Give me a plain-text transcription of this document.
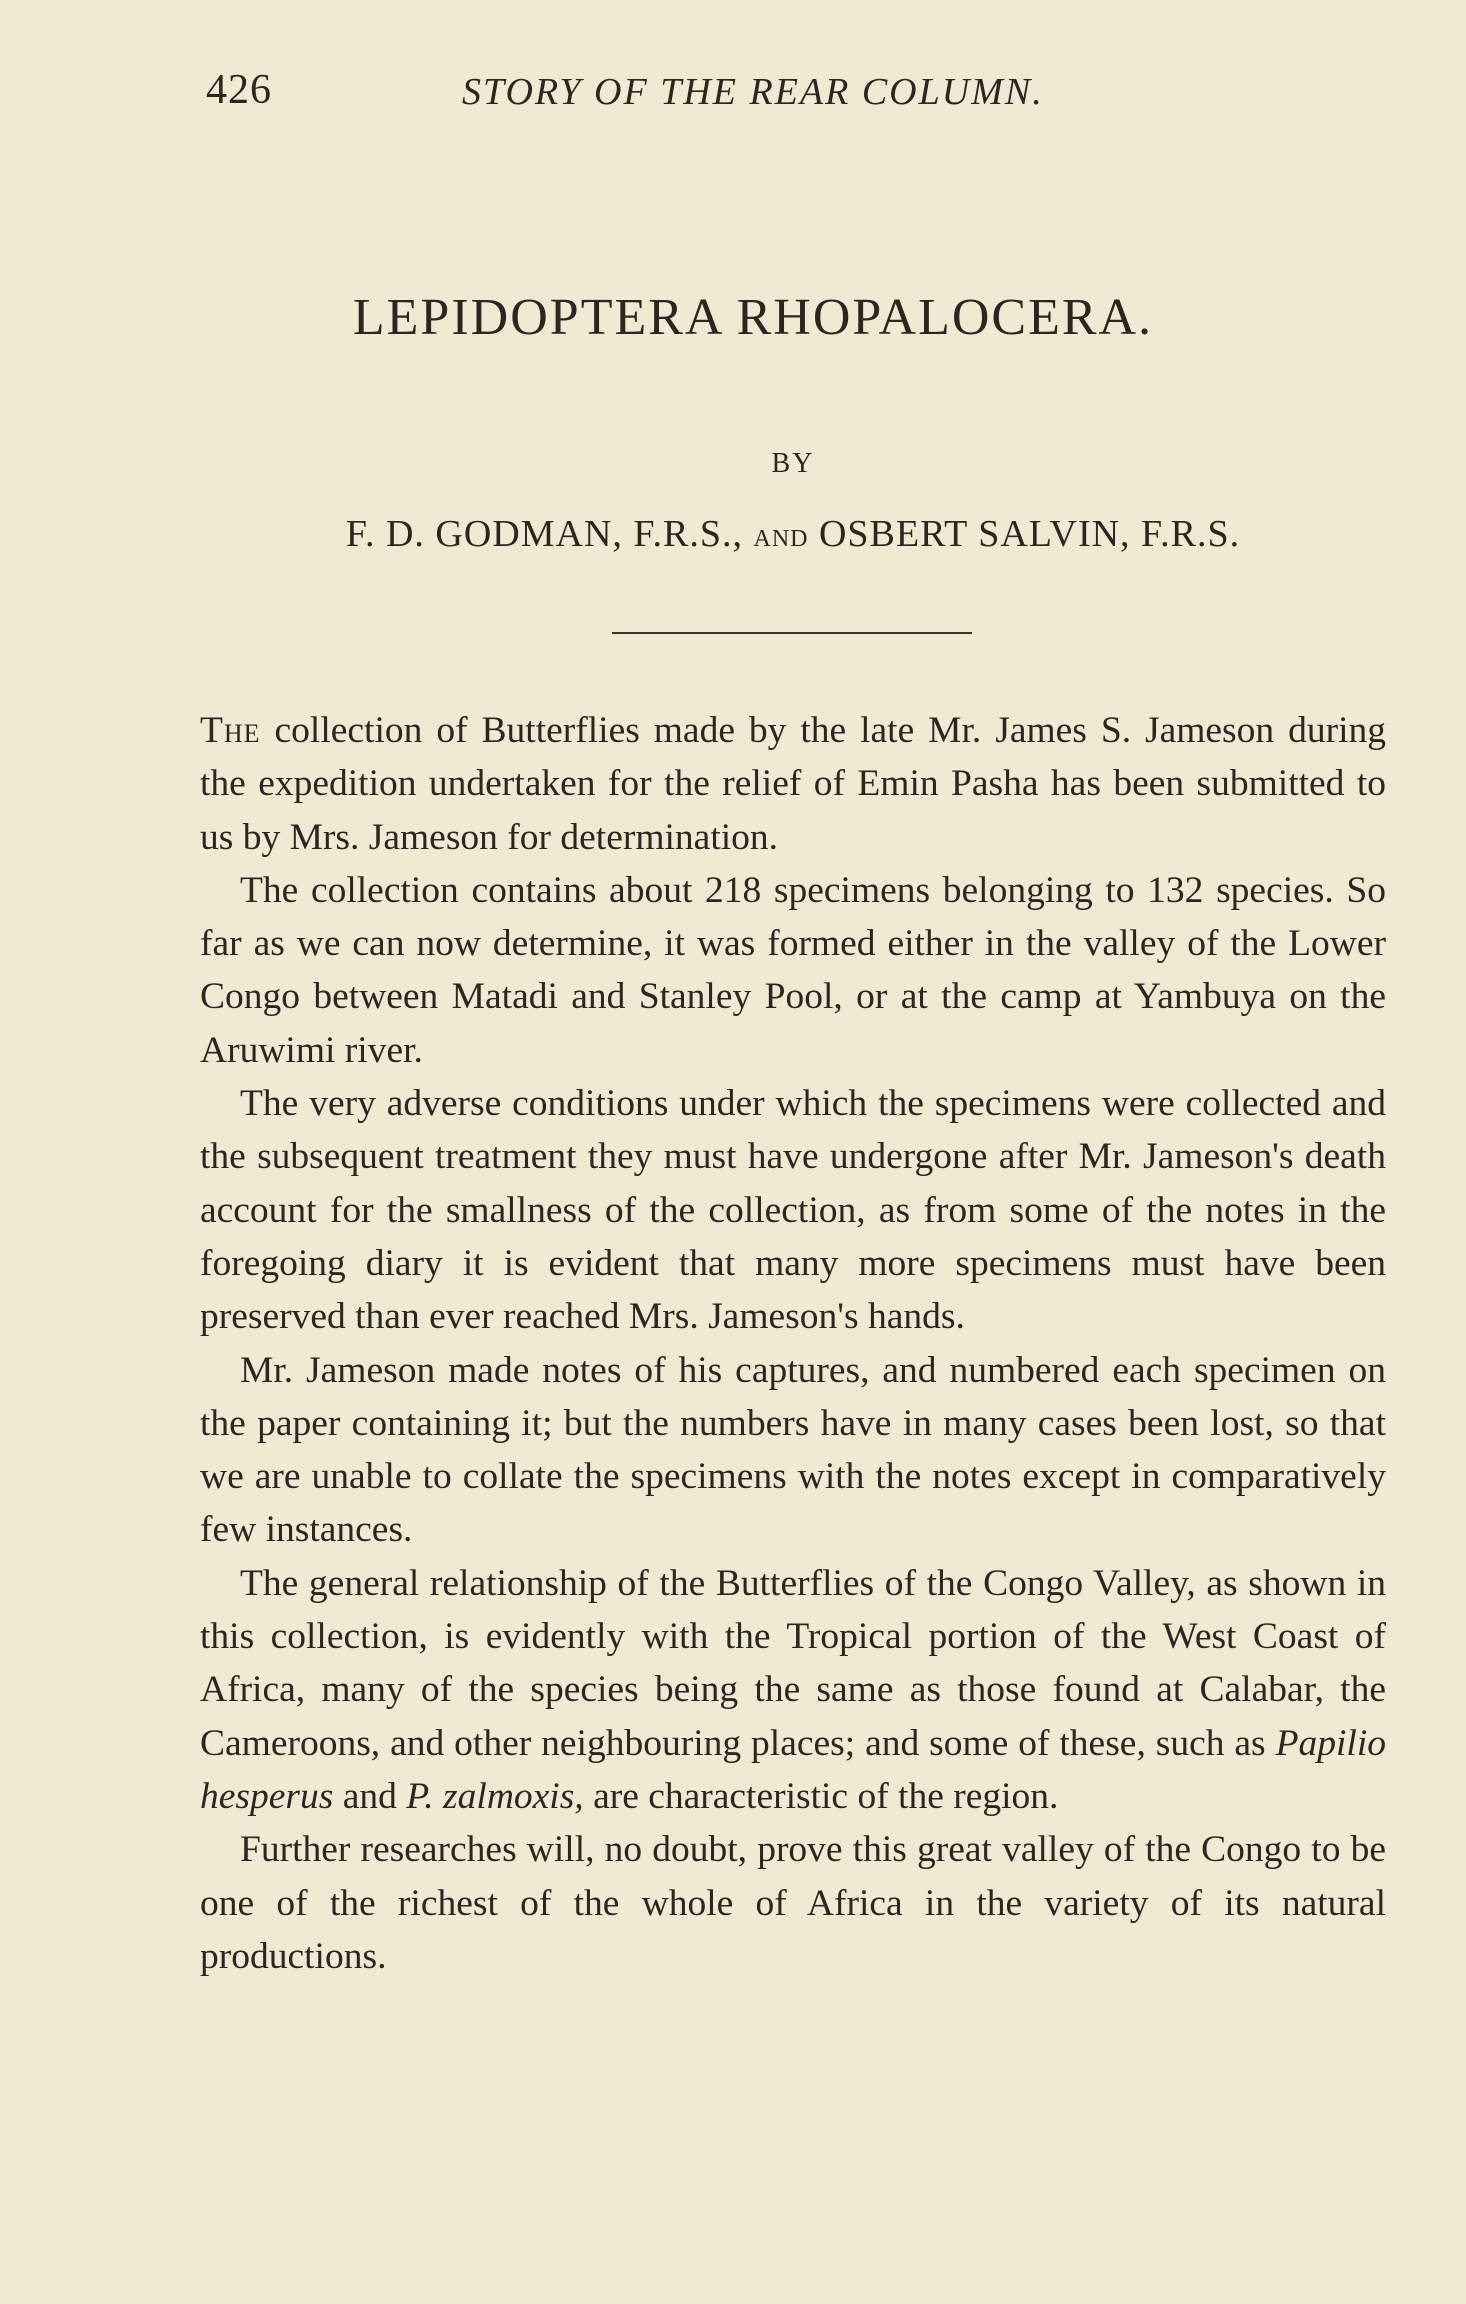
426	STORY OF THE REAR COLUMN.
LEPIDOPTERA RHOPALOCERA.
BY
F. D. GODMAN, F.R.S., AND OSBERT SALVIN, F.R.S.

The collection of Butterflies made by the late Mr. James S. Jameson during the expedition undertaken for the relief of Emin Pasha has been submitted to us by Mrs. Jameson for determination.

The collection contains about 218 specimens belonging to 132 species. So far as we can now determine, it was formed either in the valley of the Lower Congo between Matadi and Stanley Pool, or at the camp at Yambuya on the Aruwimi river.

The very adverse conditions under which the specimens were collected and the subsequent treatment they must have undergone after Mr. Jameson's death account for the smallness of the collection, as from some of the notes in the foregoing diary it is evident that many more specimens must have been preserved than ever reached Mrs. Jameson's hands.

Mr. Jameson made notes of his captures, and numbered each specimen on the paper containing it; but the numbers have in many cases been lost, so that we are unable to collate the specimens with the notes except in comparatively few instances.

The general relationship of the Butterflies of the Congo Valley, as shown in this collection, is evidently with the Tropical portion of the West Coast of Africa, many of the species being the same as those found at Calabar, the Cameroons, and other neighbouring places; and some of these, such as Papilio hesperus and P. zalmoxis, are characteristic of the region.

Further researches will, no doubt, prove this great valley of the Congo to be one of the richest of the whole of Africa in the variety of its natural productions.
